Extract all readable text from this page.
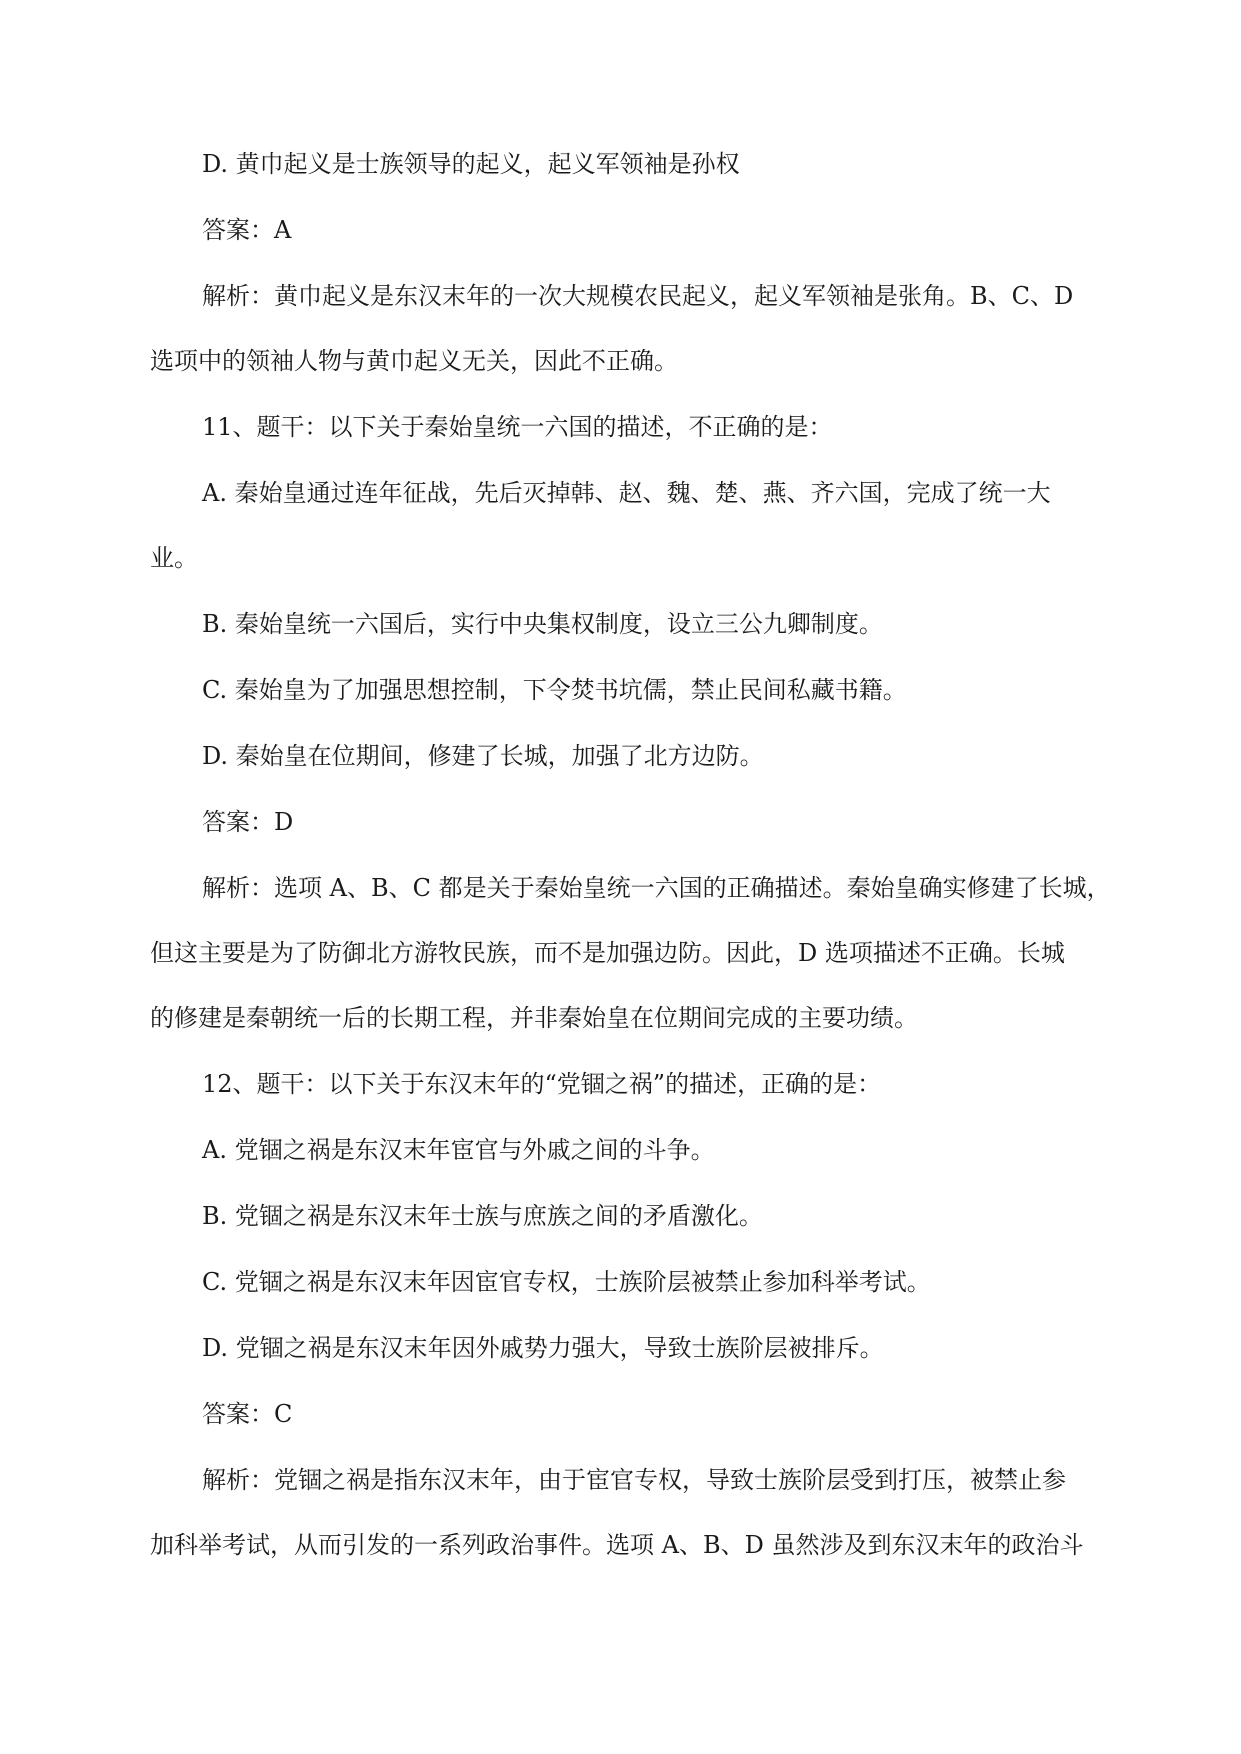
D. 黄巾起义是士族领导的起义，起义军领袖是孙权

答案：A

解析：黄巾起义是东汉末年的一次大规模农民起义，起义军领袖是张角。B、C、D

选项中的领袖人物与黄巾起义无关，因此不正确。

11、题干：以下关于秦始皇统一六国的描述，不正确的是：

A. 秦始皇通过连年征战，先后灭掉韩、赵、魏、楚、燕、齐六国，完成了统一大

业。

B. 秦始皇统一六国后，实行中央集权制度，设立三公九卿制度。

C. 秦始皇为了加强思想控制，下令焚书坑儒，禁止民间私藏书籍。

D. 秦始皇在位期间，修建了长城，加强了北方边防。

答案：D

解析：选项 A、B、C 都是关于秦始皇统一六国的正确描述。秦始皇确实修建了长城，

但这主要是为了防御北方游牧民族，而不是加强边防。因此，D 选项描述不正确。长城

的修建是秦朝统一后的长期工程，并非秦始皇在位期间完成的主要功绩。

12、题干：以下关于东汉末年的“党锢之祸”的描述，正确的是：

A. 党锢之祸是东汉末年宦官与外戚之间的斗争。

B. 党锢之祸是东汉末年士族与庶族之间的矛盾激化。

C. 党锢之祸是东汉末年因宦官专权，士族阶层被禁止参加科举考试。

D. 党锢之祸是东汉末年因外戚势力强大，导致士族阶层被排斥。

答案：C

解析：党锢之祸是指东汉末年，由于宦官专权，导致士族阶层受到打压，被禁止参

加科举考试，从而引发的一系列政治事件。选项 A、B、D 虽然涉及到东汉末年的政治斗
